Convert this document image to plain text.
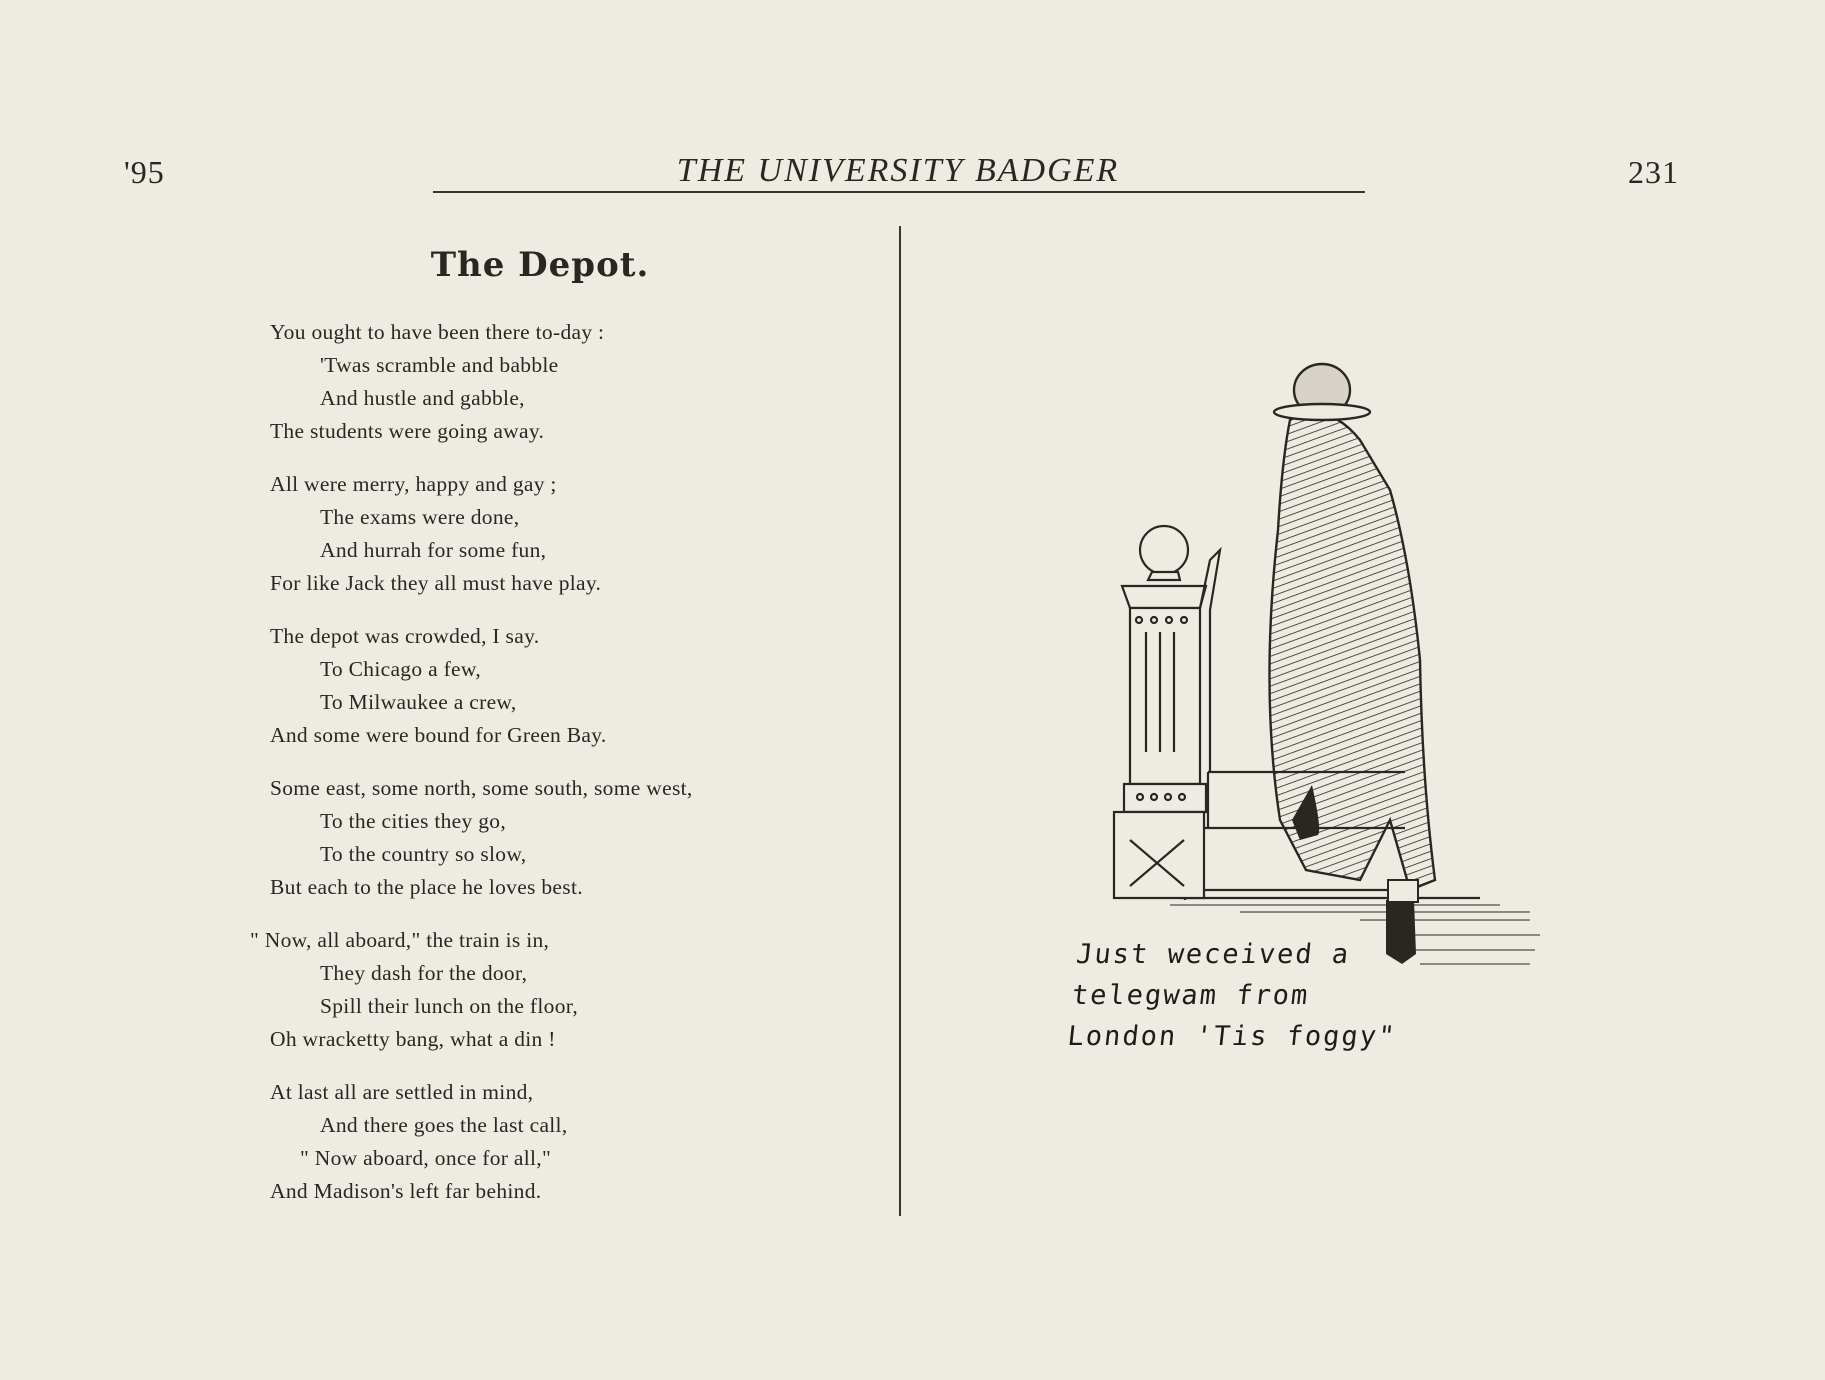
'95	THE UNIVERSITY BADGER	231
The Depot.
You ought to have been there to-day :
'Twas scramble and babble
And hustle and gabble,
The students were going away.
All were merry, happy and gay ;
The exams were done,
And hurrah for some fun,
For like Jack they all must have play.
The depot was crowded, I say.
To Chicago a few,
To Milwaukee a crew,
And some were bound for Green Bay.
Some east, some north, some south, some west,
To the cities they go,
To the country so slow,
But each to the place he loves best.
" Now, all aboard," the train is in,
They dash for the door,
Spill their lunch on the floor,
Oh wracketty bang, what a din !
At last all are settled in mind,
And there goes the last call,
" Now aboard, once for all,"
And Madison's left far behind.
Just weceived a
telegwam from
London 'Tis foggy"
